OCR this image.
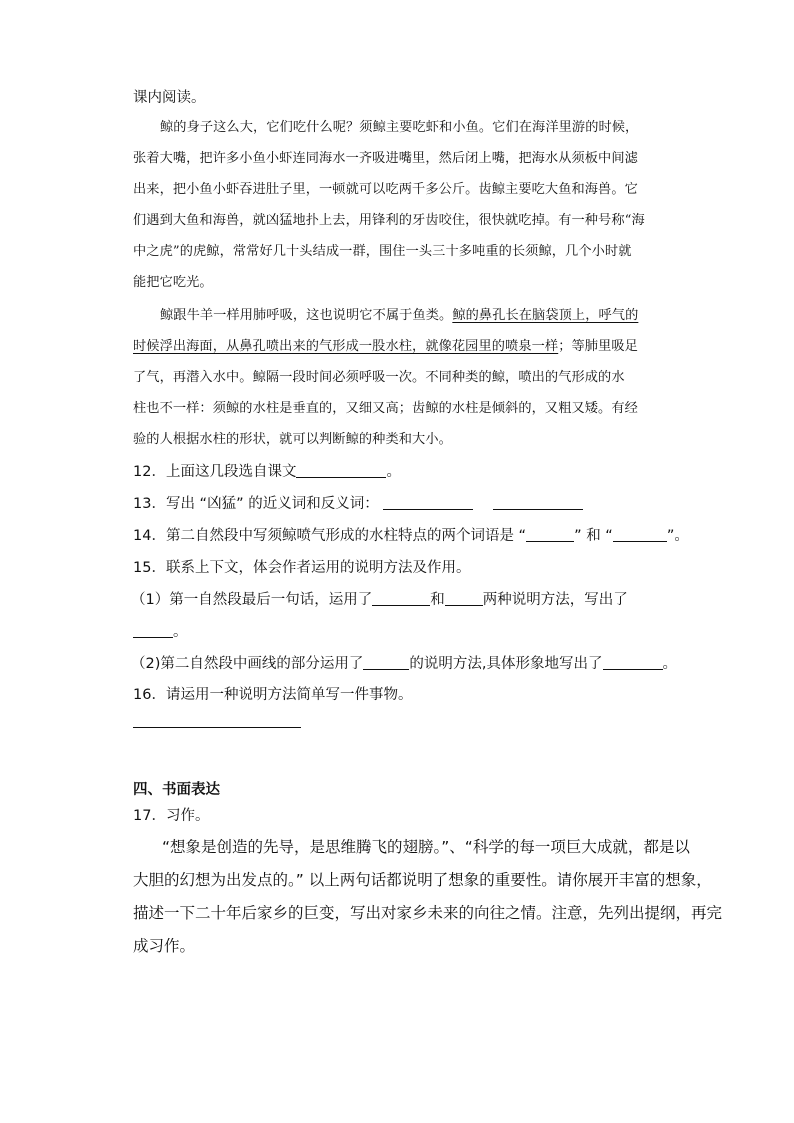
课内阅读。
鲸的身子这么大，它们吃什么呢？须鲸主要吃虾和小鱼。它们在海洋里游的时候，
张着大嘴，把许多小鱼小虾连同海水一齐吸进嘴里，然后闭上嘴，把海水从须板中间滤
出来，把小鱼小虾吞进肚子里，一顿就可以吃两千多公斤。齿鲸主要吃大鱼和海兽。它
们遇到大鱼和海兽，就凶猛地扑上去，用锋利的牙齿咬住，很快就吃掉。有一种号称“海
中之虎”的虎鲸，常常好几十头结成一群，围住一头三十多吨重的长须鲸，几个小时就
能把它吃光。
鲸跟牛羊一样用肺呼吸，这也说明它不属于鱼类。鲸的鼻孔长在脑袋顶上，呼气的
时候浮出海面，从鼻孔喷出来的气形成一股水柱，就像花园里的喷泉一样；等肺里吸足
了气，再潜入水中。鲸隔一段时间必须呼吸一次。不同种类的鲸，喷出的气形成的水
柱也不一样：须鲸的水柱是垂直的，又细又高；齿鲸的水柱是倾斜的，又粗又矮。有经
验的人根据水柱的形状，就可以判断鲸的种类和大小。
12．上面这几段选自课文	。
13．写出 “凶猛” 的近义词和反义词：
14．第二自然段中写须鲸喷气形成的水柱特点的两个词语是 “	” 和 “	”。
15．联系上下文，体会作者运用的说明方法及作用。
（1）第一自然段最后一句话，运用了	和	两种说明方法，写出了
。
（2)第二自然段中画线的部分运用了	的说明方法,具体形象地写出了	。
16．请运用一种说明方法简单写一件事物。
四、书面表达
17．习作。
“想象是创造的先导，是思维腾飞的翅膀。”、“科学的每一项巨大成就，都是以
大胆的幻想为出发点的。” 以上两句话都说明了想象的重要性。请你展开丰富的想象，
描述一下二十年后家乡的巨变，写出对家乡未来的向往之情。注意，先列出提纲，再完
成习作。
